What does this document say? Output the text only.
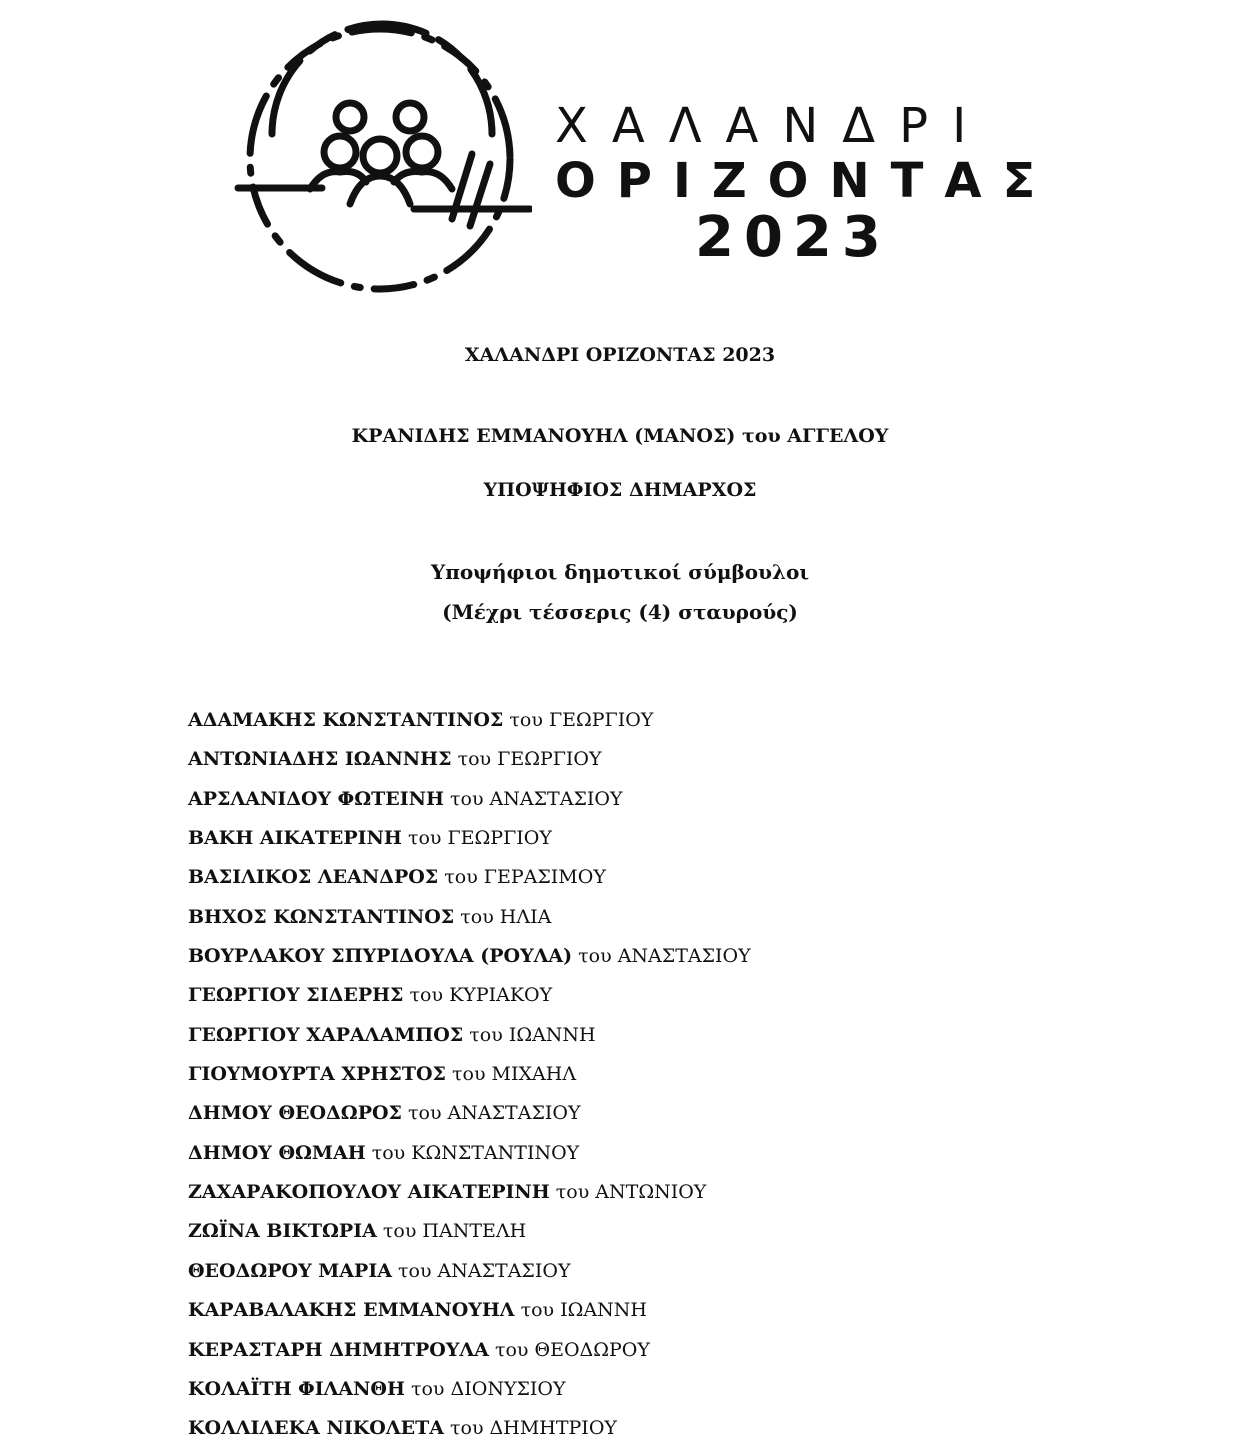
ΧΑΛΑΝΔΡΙ
ΟΡΙΖΟΝΤΑΣ
2023
ΧΑΛΑΝΔΡΙ ΟΡΙΖΟΝΤΑΣ 2023
ΚΡΑΝΙΔΗΣ ΕΜΜΑΝΟΥΗΛ (ΜΑΝΟΣ) του ΑΓΓΕΛΟΥ
ΥΠΟΨΗΦΙΟΣ ΔΗΜΑΡΧΟΣ
Υποψήφιοι δημοτικοί σύμβουλοι
(Μέχρι τέσσερις (4) σταυρούς)
ΑΔΑΜΑΚΗΣ ΚΩΝΣΤΑΝΤΙΝΟΣ του ΓΕΩΡΓΙΟΥ
ΑΝΤΩΝΙΑΔΗΣ ΙΩΑΝΝΗΣ του ΓΕΩΡΓΙΟΥ
ΑΡΣΛΑΝΙΔΟΥ ΦΩΤΕΙΝΗ του ΑΝΑΣΤΑΣΙΟΥ
ΒΑΚΗ ΑΙΚΑΤΕΡΙΝΗ του ΓΕΩΡΓΙΟΥ
ΒΑΣΙΛΙΚΟΣ ΛΕΑΝΔΡΟΣ του ΓΕΡΑΣΙΜΟΥ
ΒΗΧΟΣ ΚΩΝΣΤΑΝΤΙΝΟΣ του ΗΛΙΑ
ΒΟΥΡΛΑΚΟΥ ΣΠΥΡΙΔΟΥΛΑ (ΡΟΥΛΑ) του ΑΝΑΣΤΑΣΙΟΥ
ΓΕΩΡΓΙΟΥ ΣΙΔΕΡΗΣ του ΚΥΡΙΑΚΟΥ
ΓΕΩΡΓΙΟΥ ΧΑΡΑΛΑΜΠΟΣ του ΙΩΑΝΝΗ
ΓΙΟΥΜΟΥΡΤΑ ΧΡΗΣΤΟΣ του ΜΙΧΑΗΛ
ΔΗΜΟΥ ΘΕΟΔΩΡΟΣ του ΑΝΑΣΤΑΣΙΟΥ
ΔΗΜΟΥ ΘΩΜΑΗ του ΚΩΝΣΤΑΝΤΙΝΟΥ
ΖΑΧΑΡΑΚΟΠΟΥΛΟΥ ΑΙΚΑΤΕΡΙΝΗ του ΑΝΤΩΝΙΟΥ
ΖΩΪΝΑ ΒΙΚΤΩΡΙΑ του ΠΑΝΤΕΛΗ
ΘΕΟΔΩΡΟΥ ΜΑΡΙΑ του ΑΝΑΣΤΑΣΙΟΥ
ΚΑΡΑΒΑΛΑΚΗΣ ΕΜΜΑΝΟΥΗΛ του ΙΩΑΝΝΗ
ΚΕΡΑΣΤΑΡΗ ΔΗΜΗΤΡΟΥΛΑ του ΘΕΟΔΩΡΟΥ
ΚΟΛΑΪΤΗ ΦΙΛΑΝΘΗ του ΔΙΟΝΥΣΙΟΥ
ΚΟΛΛΙΛΕΚΑ ΝΙΚΟΛΕΤΑ του ΔΗΜΗΤΡΙΟΥ
